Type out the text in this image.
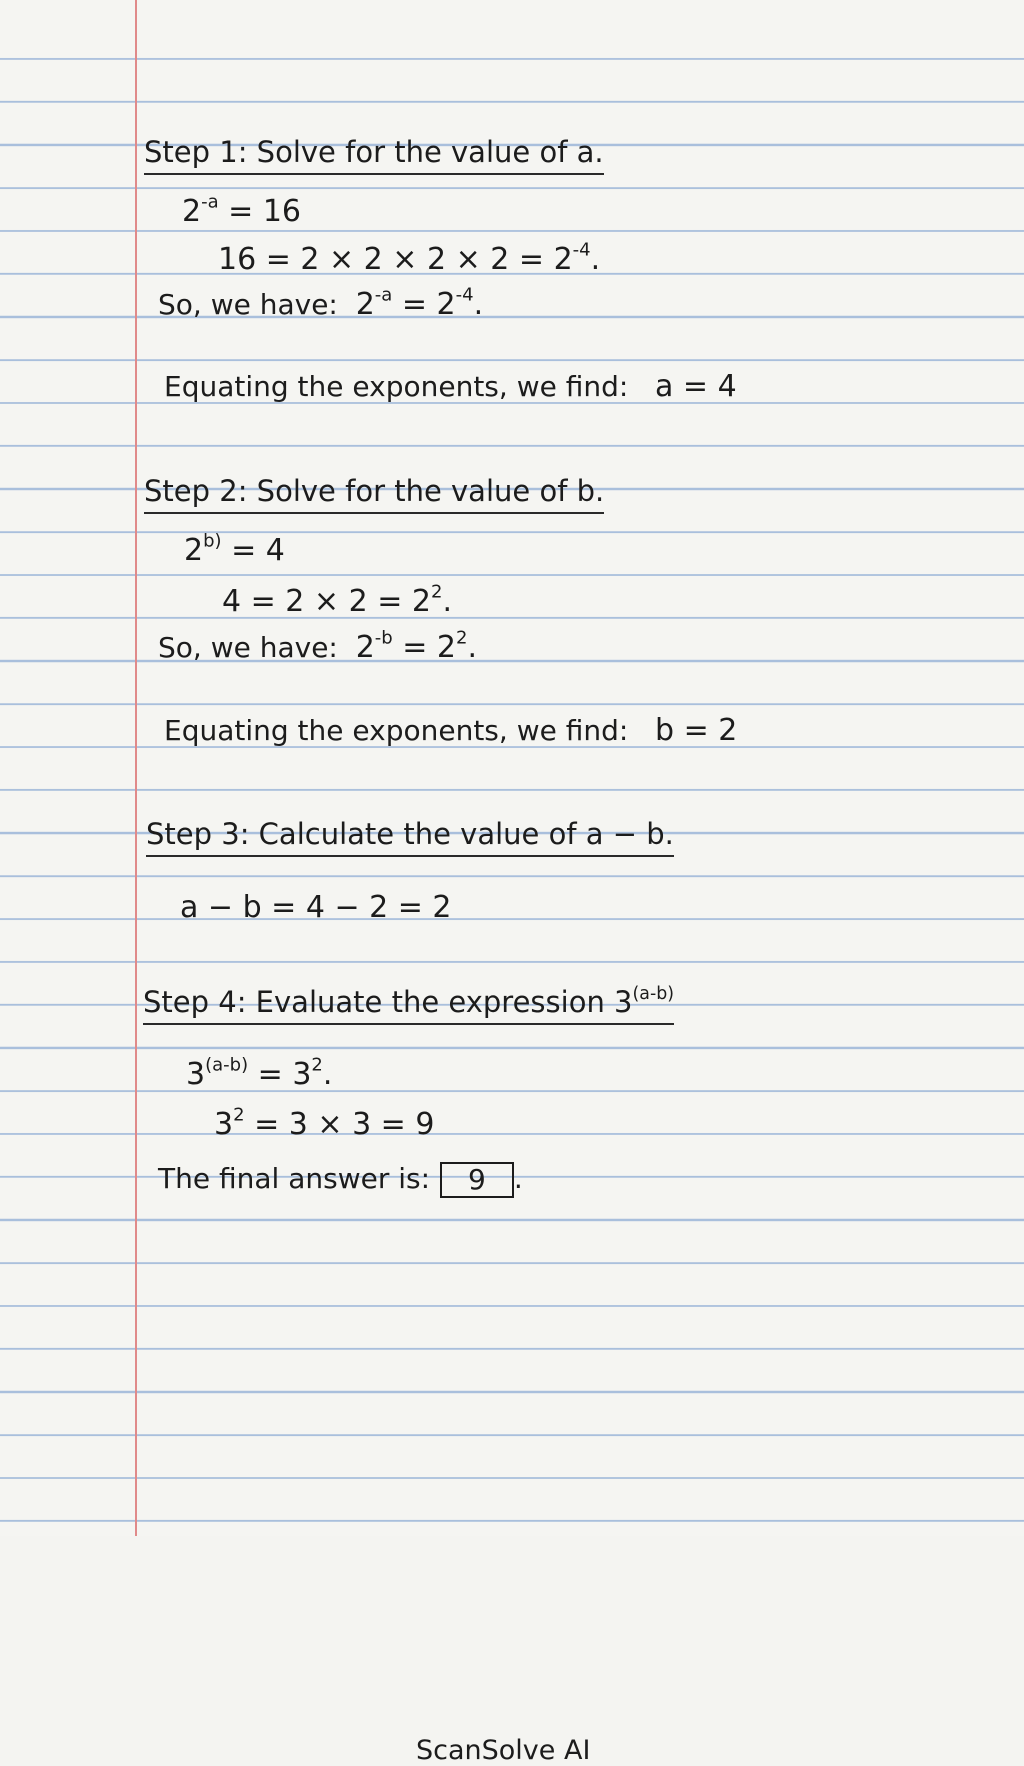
Step 1: Solve for the value of a.

$2^{-a} = 16$

$16 = 2 \times 2 \times 2 \times 2 = 2^{-4}$.

So, we have: $2^{-a} = 2^{-4}$.

Equating the exponents, we find: a = 4

Step 2: Solve for the value of b.

$2^{b)} = 4$

$4 = 2 \times 2 = 2^2$.

So, we have: $2^{-b} = 2^2$.

Equating the exponents, we find: b = 2

Step 3: Calculate the value of a − b.

a − b = 4 − 2 = 2

Step 4: Evaluate the expression 3$^{(a-b)}$

$3^{(a-b)} = 3^2$.

$3^2 = 3 \times 3 = 9$

The final answer is: 9 .

ScanSolve AI
